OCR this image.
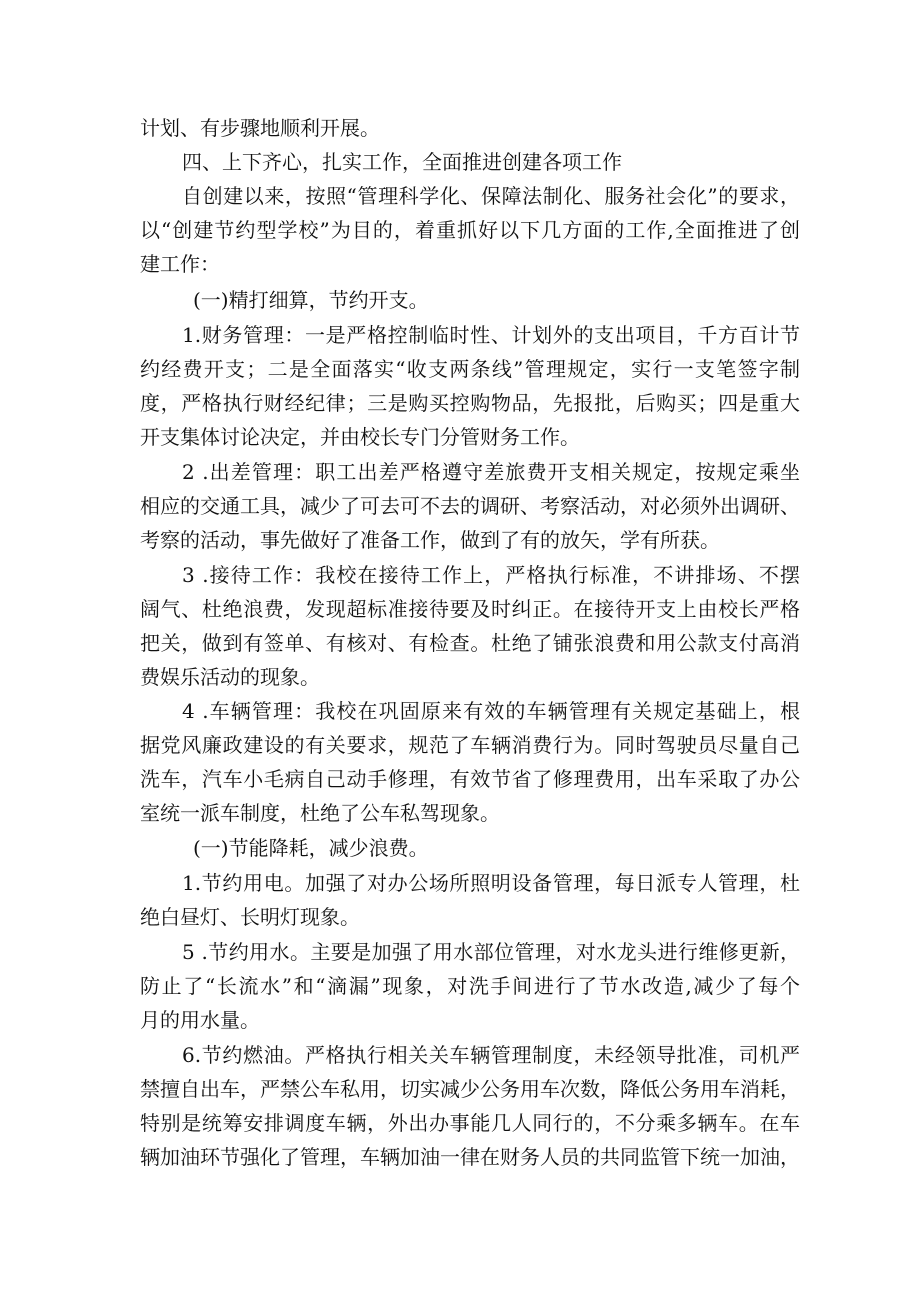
计划、有步骤地顺利开展。
四、上下齐心，扎实工作，全面推进创建各项工作
自创建以来，按照“管理科学化、保障法制化、服务社会化”的要求，
以“创建节约型学校”为目的，着重抓好以下几方面的工作,全面推进了创
建工作：
(一)精打细算，节约开支。
1.财务管理：一是严格控制临时性、计划外的支出项目，千方百计节
约经费开支；二是全面落实“收支两条线”管理规定，实行一支笔签字制
度，严格执行财经纪律；三是购买控购物品，先报批，后购买；四是重大
开支集体讨论决定，并由校长专门分管财务工作。
2 .出差管理：职工出差严格遵守差旅费开支相关规定，按规定乘坐
相应的交通工具，减少了可去可不去的调研、考察活动，对必须外出调研、
考察的活动，事先做好了准备工作，做到了有的放矢，学有所获。
3 .接待工作：我校在接待工作上，严格执行标准，不讲排场、不摆
阔气、杜绝浪费，发现超标准接待要及时纠正。在接待开支上由校长严格
把关，做到有签单、有核对、有检查。杜绝了铺张浪费和用公款支付高消
费娱乐活动的现象。
4 .车辆管理：我校在巩固原来有效的车辆管理有关规定基础上，根
据党风廉政建设的有关要求，规范了车辆消费行为。同时驾驶员尽量自己
洗车，汽车小毛病自己动手修理，有效节省了修理费用，出车采取了办公
室统一派车制度，杜绝了公车私驾现象。
(一)节能降耗，减少浪费。
1.节约用电。加强了对办公场所照明设备管理，每日派专人管理，杜
绝白昼灯、长明灯现象。
5 .节约用水。主要是加强了用水部位管理，对水龙头进行维修更新，
防止了“长流水”和“滴漏”现象，对洗手间进行了节水改造,减少了每个
月的用水量。
6.节约燃油。严格执行相关关车辆管理制度，未经领导批准，司机严
禁擅自出车，严禁公车私用，切实减少公务用车次数，降低公务用车消耗，
特别是统筹安排调度车辆，外出办事能几人同行的，不分乘多辆车。在车
辆加油环节强化了管理，车辆加油一律在财务人员的共同监管下统一加油，
